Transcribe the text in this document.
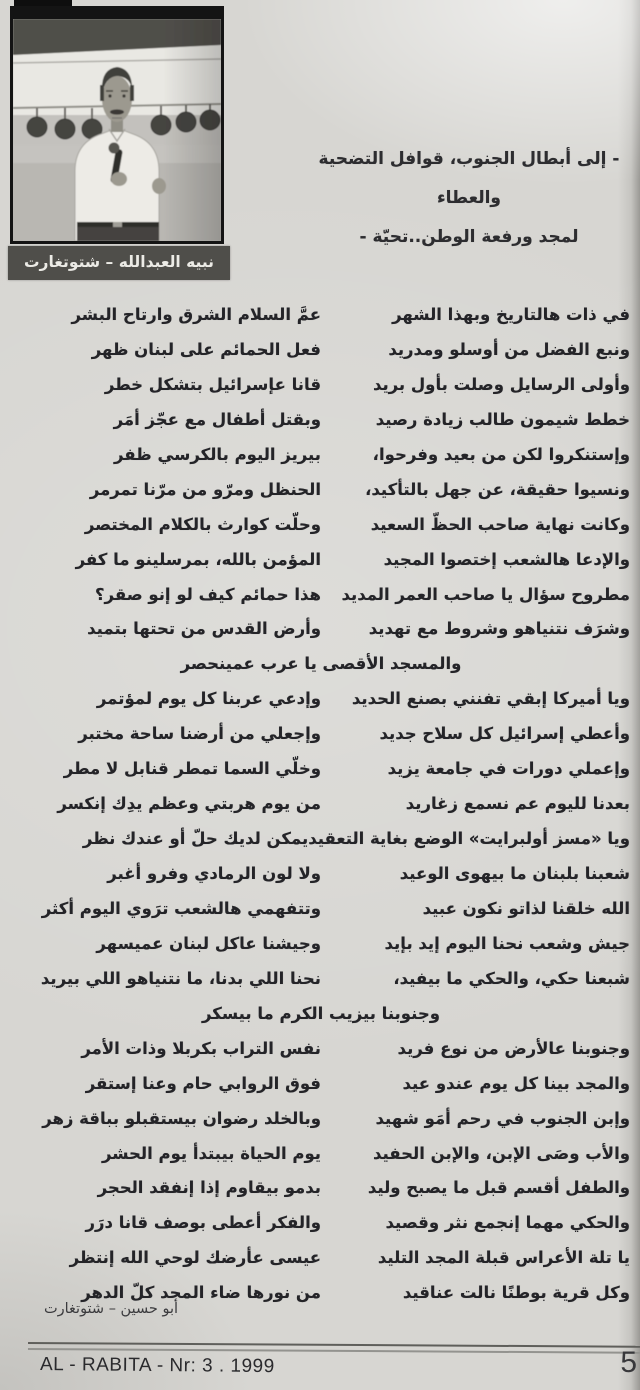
نبيه العبدالله – شتوتغارت
- إلى أبطال الجنوب، قوافل التضحية والعطاء
لمجد ورفعة الوطن..تحيّة -
في ذات هالتاريخ وبهذا الشهر
عمَّ السلام الشرق وارتاح البشر
ونبع الفضل من أوسلو ومدريد
فعل الحمائم على لبنان ظهر
وأولى الرسايل وصلت بأول بريد
قانا عإسرائيل بتشكل خطر
خطط شيمون طالب زيادة رصيد
وبقتل أطفال مع عجّز أمَر
وإستنكروا لكن من بعيد وفرحوا،
بيريز اليوم بالكرسي ظفر
ونسيوا حقيقة، عن جهل بالتأكيد،
الحنظل ومرّو من مرّنا تمرمر
وكانت نهاية صاحب الحظّ السعيد
وحلّت كوارث بالكلام المختصر
والإدعا هالشعب إختصوا المجيد
المؤمن بالله، بمرسلينو ما كفر
مطروح سؤال يا صاحب العمر المديد
هذا حمائم كيف لو إنو صقر؟
وشرَف نتنياهو وشروط مع تهديد
وأرض القدس من تحتها بتميد
والمسجد الأقصى يا عرب عمينحصر
ويا أميركا إبقي تفنني بصنع الحديد
وإدعي عربنا كل يوم لمؤتمر
وأعطي إسرائيل كل سلاح جديد
وإجعلي من أرضنا ساحة مختبر
وإعملي دورات في جامعة يزيد
وخلّي السما تمطر قنابل لا مطر
بعدنا لليوم عم نسمع زغاريد
من يوم هربتي وعظم يدِك إنكسر
ويا «مسز أولبرايت» الوضع بغاية التعقيد
يمكن لديك حلّ أو عندك نظر
شعبنا بلبنان ما بيهوى الوعيد
ولا لون الرمادي وفرو أغبر
الله خلقنا لذاتو نكون عبيد
وتتفهمي هالشعب ترَوي اليوم أكثر
جيش وشعب نحنا اليوم إيد بإيد
وجيشنا عاكل لبنان عميسهر
شبعنا حكي، والحكي ما بيفيد،
نحنا اللي بدنا، ما نتنياهو اللي بيريد
وجنوبنا بيزيب الكرم ما بيسكر
وجنوبنا عالأرض من نوع فريد
نفس التراب بكربلا وذات الأمر
والمجد بينا كل يوم عندو عيد
فوق الروابي حام وعنا إستقر
وإبن الجنوب في رحم أمَو شهيد
وبالخلد رضوان بيستقبلو بباقة زهر
والأب وصَى الإبن، والإبن الحفيد
يوم الحياة بيبتدأ يوم الحشر
والطفل أقسم قبل ما يصبح وليد
بدمو بيقاوم إذا إنفقد الحجر
والحكي مهما إنجمع نثر وقصيد
والفكر أعطى بوصف قانا درَر
يا تلة الأعراس قبلة المجد التليد
عيسى عأرضك لوحي الله إنتظر
وكل قرية بوطنًا نالت عناقيد
من نورها ضاء المجد كلّ الدهر
أبو حسين – شتوتغارت
AL - RABITA - Nr: 3 . 1999	5
